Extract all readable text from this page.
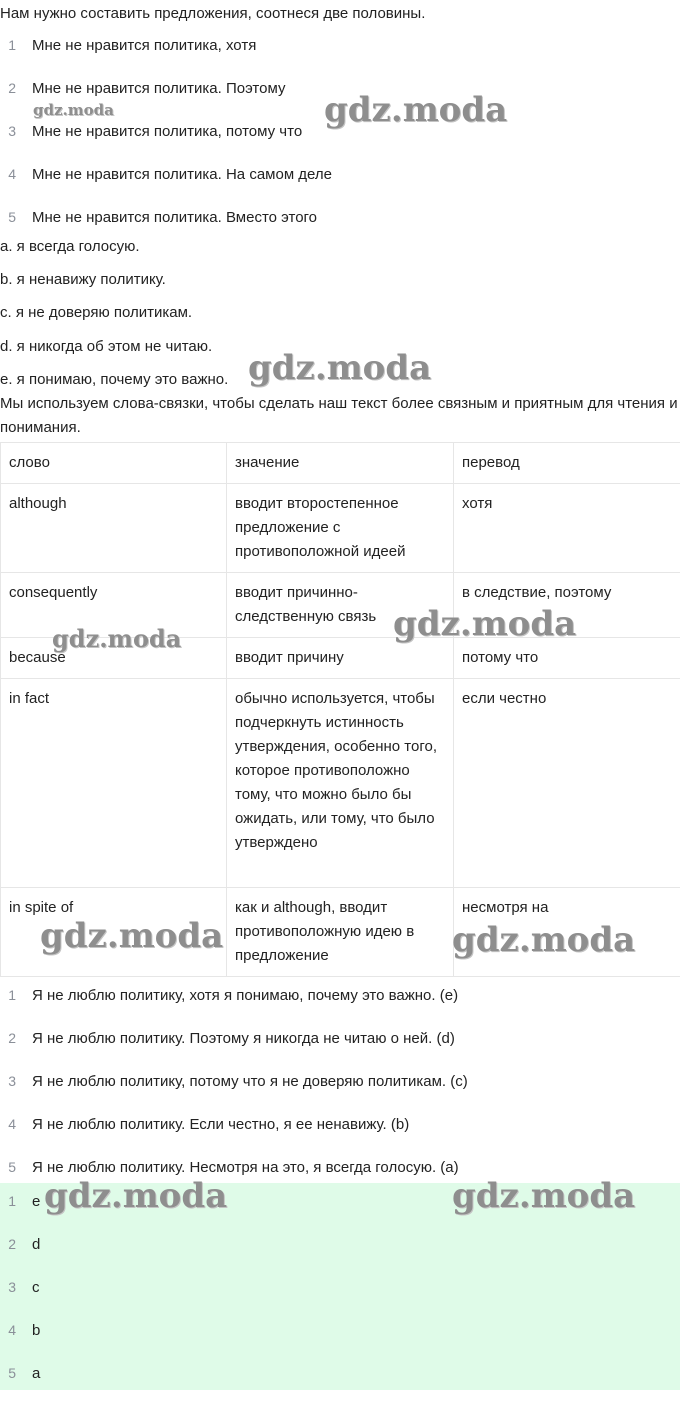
Нам нужно составить предложения, соотнеся две половины.

1 Мне не нравится политика, хотя
2 Мне не нравится политика. Поэтому
3 Мне не нравится политика, потому что
4 Мне не нравится политика. На самом деле
5 Мне не нравится политика. Вместо этого
a. я всегда голосую.
b. я ненавижу политику.
c. я не доверяю политикам.
d. я никогда об этом не читаю.
e. я понимаю, почему это важно.

Мы используем слова-связки, чтобы сделать наш текст более связным и приятным для чтения и понимания.

слово	значение	перевод
although	вводит второстепенное предложение с противоположной идеей	хотя
consequently	вводит причинно-следственную связь	в следствие, поэтому
because	вводит причину	потому что
in fact	обычно используется, чтобы подчеркнуть истинность утверждения, особенно того, которое противоположно тому, что можно было бы ожидать, или тому, что было утверждено	если честно
in spite of	как и although, вводит противоположную идею в предложение	несмотря на
1 Я не люблю политику, хотя я понимаю, почему это важно. (e)
2 Я не люблю политику. Поэтому я никогда не читаю о ней. (d)
3 Я не люблю политику, потому что я не доверяю политикам. (c)
4 Я не люблю политику. Если честно, я ее ненавижу. (b)
5 Я не люблю политику. Несмотря на это, я всегда голосую. (a)
1 e
2 d
3 c
4 b
5 a
gdz.moda	gdz.moda
gdz.moda
gdz.moda	gdz.moda
gdz.moda	gdz.moda
gdz.moda	gdz.moda
